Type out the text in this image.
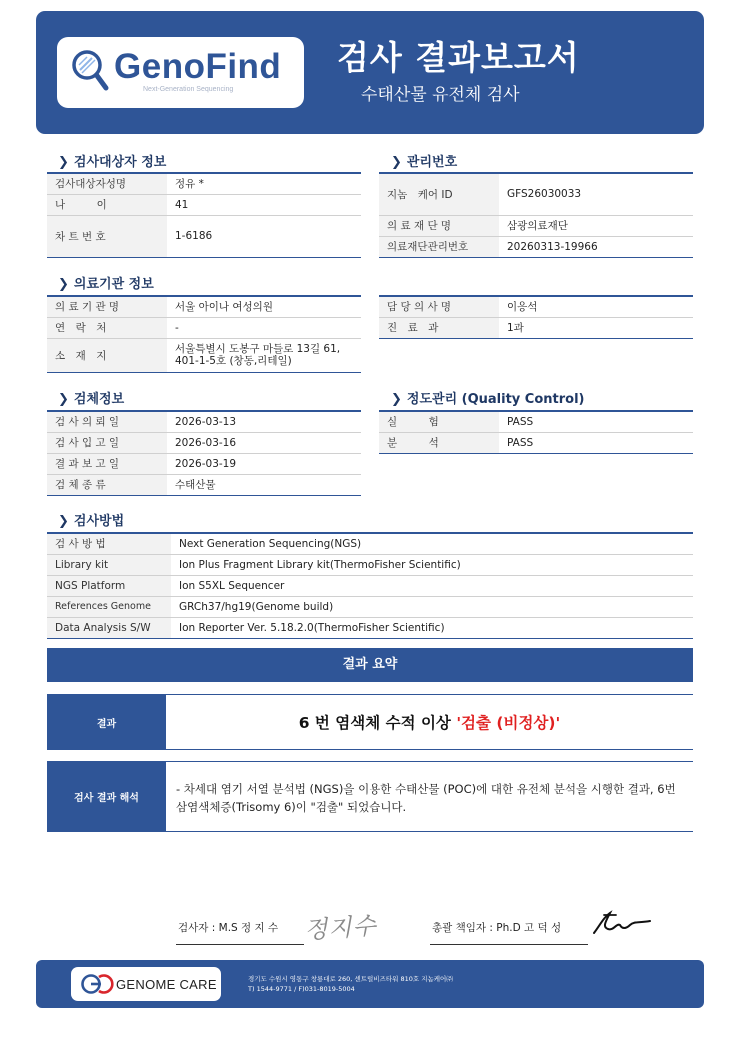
GenoFind
Next-Generation Sequencing
검사 결과보고서
수태산물 유전체 검사
❯ 검사대상자 정보
검사대상자성명	정유 *
나　　　이	41
차 트 번 호	1-6186
❯ 관리번호
지놈　케어 ID	GFS26030033
의 료 재 단 명	삼광의료재단
의료재단관리번호	20260313-19966
❯ 의료기관 정보
의 료 기 관 명	서울 아이나 여성의원
연　락　처	-
소　재　지	서울특별시 도봉구 마들로 13길 61,
401-1-5호 (창동,리테일)
담 당 의 사 명	이응석
진　료　과	1과
❯ 검체정보
검 사 의 뢰 일	2026-03-13
검 사 입 고 일	2026-03-16
결 과 보 고 일	2026-03-19
검 체 종 류	수태산물
❯ 정도관리 (Quality Control)
실　　　험	PASS
분　　　석	PASS
❯ 검사방법
검 사 방 법	Next Generation Sequencing(NGS)
Library kit	Ion Plus Fragment Library kit(ThermoFisher Scientific)
NGS Platform	Ion S5XL Sequencer
References Genome	GRCh37/hg19(Genome build)
Data Analysis S/W	Ion Reporter Ver. 5.18.2.0(ThermoFisher Scientific)
결과 요약
결과	6 번 염색체 수적 이상
'검출 (비정상)'
검사 결과 해석
- 차세대 염기 서열 분석법 (NGS)을 이용한 수태산물 (POC)에 대한 유전체 분석을 시행한 결과, 6번 삼염색체증(Trisomy 6)이 "검출" 되었습니다.
검사자 : M.S 정 지 수 정지수	총괄 책임자 : Ph.D 고 덕 성
GENOME CARE	경기도 수원시 영통구 창룡대로 260, 센트럴비즈타워 810호 지놈케어㈜
T) 1544-9771 / F)031-8019-5004
